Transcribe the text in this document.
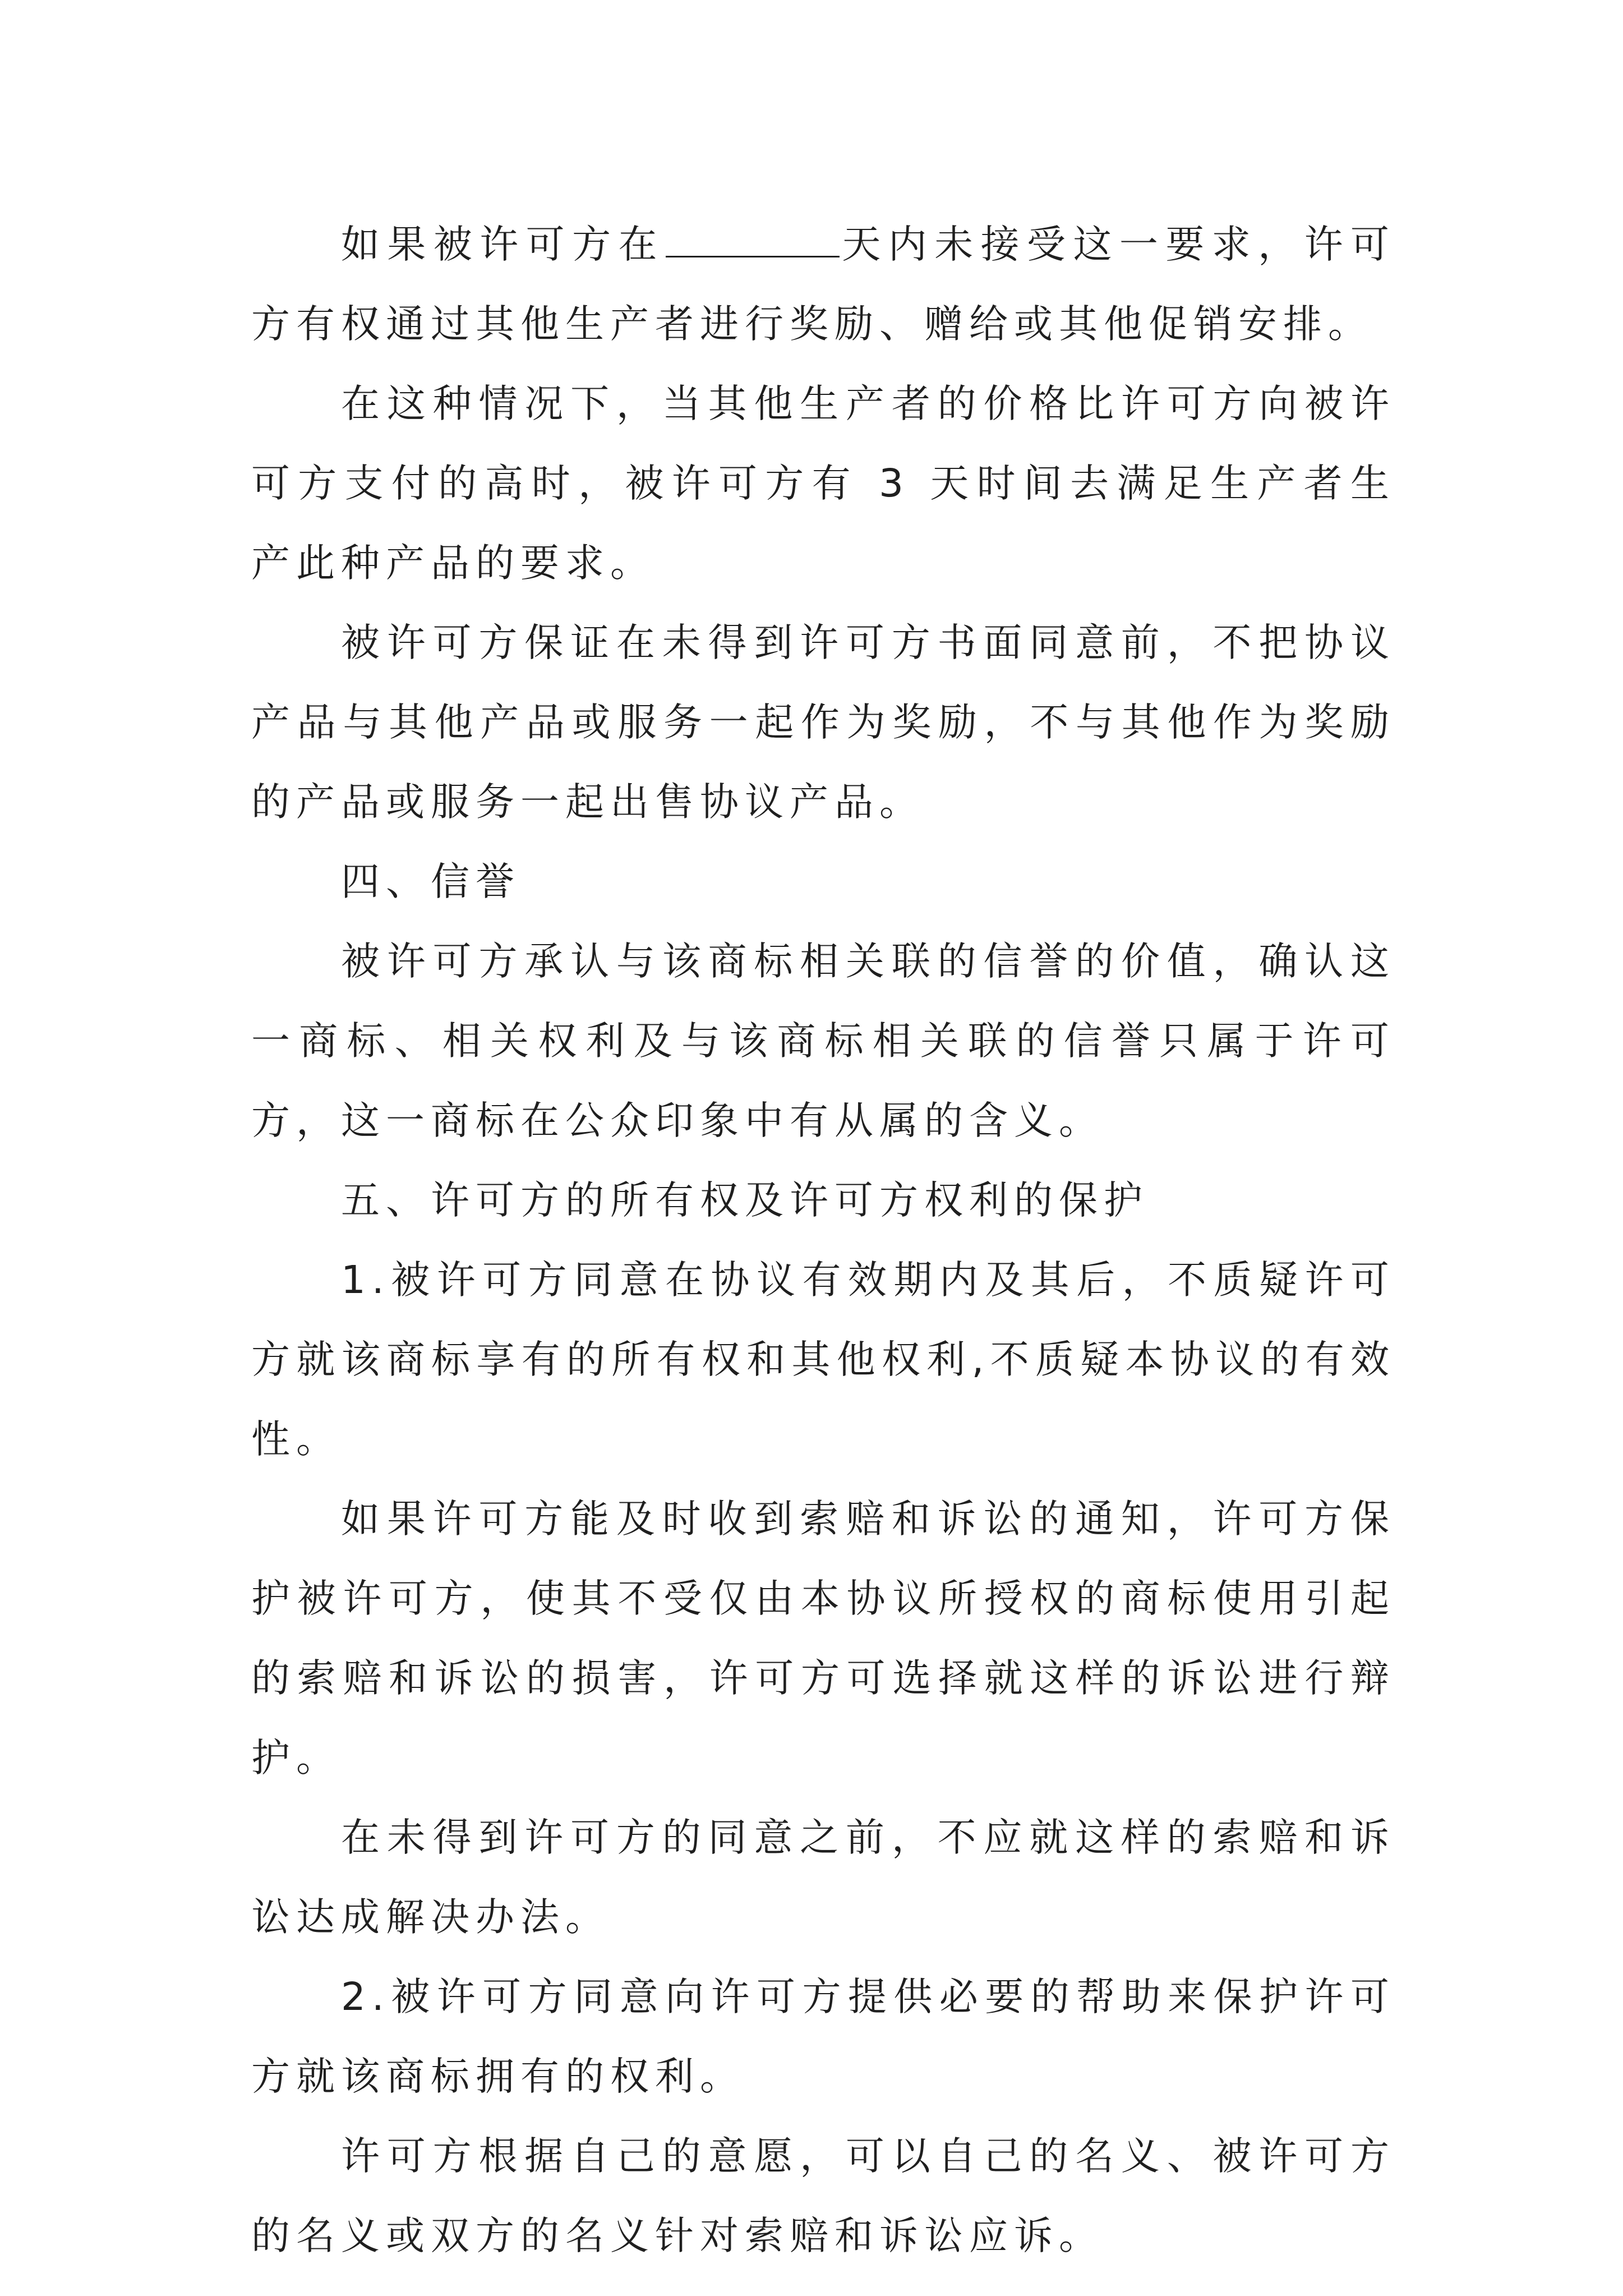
如果被许可方在	天内未接受这一要求，许可方有权通过其他生产者进行奖励、赠给或其他促销安排。

在这种情况下，当其他生产者的价格比许可方向被许可方支付的高时，被许可方有 3 天时间去满足生产者生产此种产品的要求。

被许可方保证在未得到许可方书面同意前，不把协议产品与其他产品或服务一起作为奖励，不与其他作为奖励的产品或服务一起出售协议产品。

四、信誉

被许可方承认与该商标相关联的信誉的价值，确认这一商标、相关权利及与该商标相关联的信誉只属于许可方，这一商标在公众印象中有从属的含义。

五、许可方的所有权及许可方权利的保护

1.被许可方同意在协议有效期内及其后，不质疑许可方就该商标享有的所有权和其他权利,不质疑本协议的有效性。

如果许可方能及时收到索赔和诉讼的通知，许可方保护被许可方，使其不受仅由本协议所授权的商标使用引起的索赔和诉讼的损害，许可方可选择就这样的诉讼进行辩护。

在未得到许可方的同意之前，不应就这样的索赔和诉讼达成解决办法。

2.被许可方同意向许可方提供必要的帮助来保护许可方就该商标拥有的权利。

许可方根据自己的意愿，可以自己的名义、被许可方的名义或双方的名义针对索赔和诉讼应诉。
